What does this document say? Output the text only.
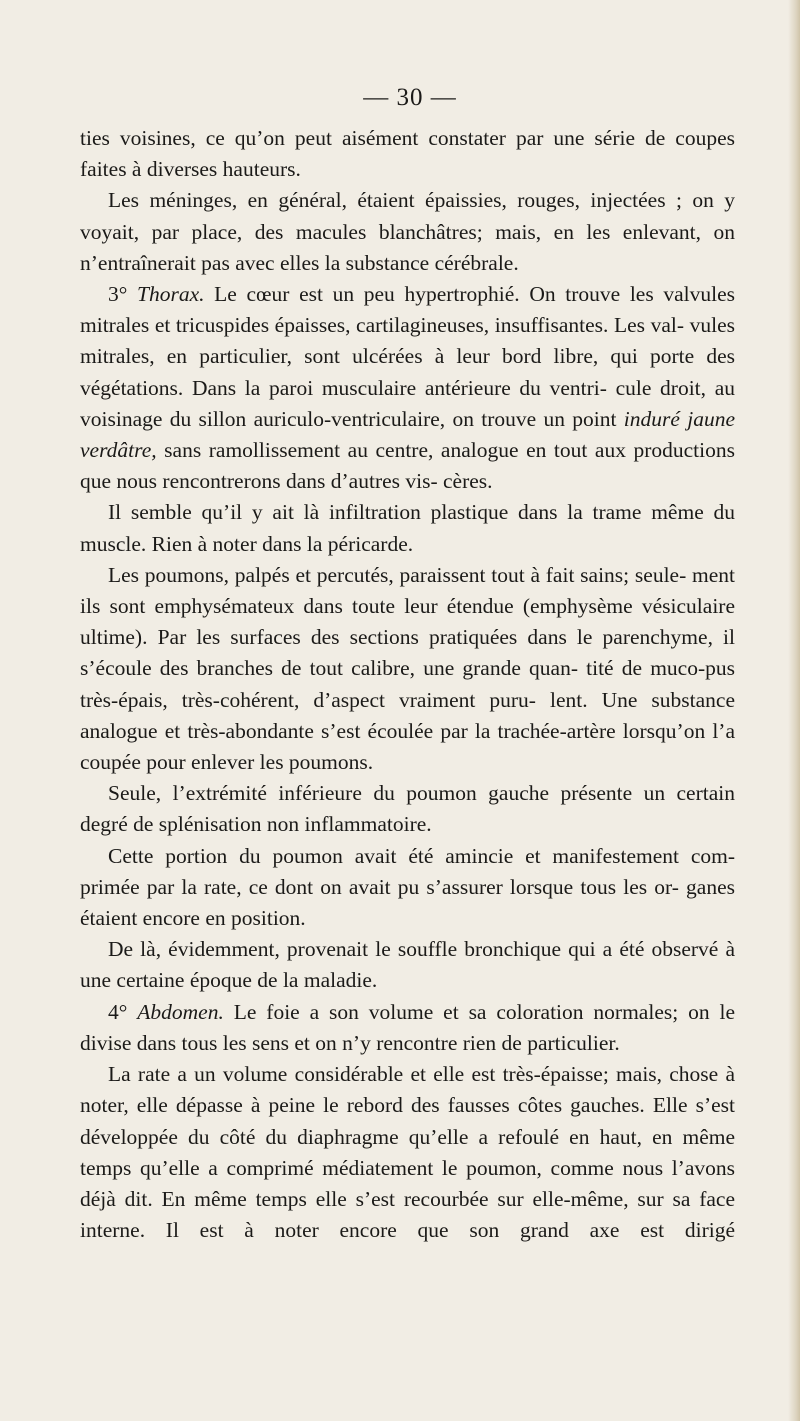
— 30 —

ties voisines, ce qu’on peut aisément constater par une série de coupes faites à diverses hauteurs.

Les méninges, en général, étaient épaissies, rouges, injectées ; on y voyait, par place, des macules blanchâtres; mais, en les enlevant, on n’entraînerait pas avec elles la substance cérébrale.

3° Thorax. Le cœur est un peu hypertrophié. On trouve les valvules mitrales et tricuspides épaisses, cartilagineuses, insuffisantes. Les val- vules mitrales, en particulier, sont ulcérées à leur bord libre, qui porte des végétations. Dans la paroi musculaire antérieure du ventri- cule droit, au voisinage du sillon auriculo-ventriculaire, on trouve un point induré jaune verdâtre, sans ramollissement au centre, analogue en tout aux productions que nous rencontrerons dans d’autres vis- cères.

Il semble qu’il y ait là infiltration plastique dans la trame même du muscle. Rien à noter dans la péricarde.

Les poumons, palpés et percutés, paraissent tout à fait sains; seule- ment ils sont emphysémateux dans toute leur étendue (emphysème vésiculaire ultime). Par les surfaces des sections pratiquées dans le parenchyme, il s’écoule des branches de tout calibre, une grande quan- tité de muco-pus très-épais, très-cohérent, d’aspect vraiment puru- lent. Une substance analogue et très-abondante s’est écoulée par la trachée-artère lorsqu’on l’a coupée pour enlever les poumons.

Seule, l’extrémité inférieure du poumon gauche présente un certain degré de splénisation non inflammatoire.

Cette portion du poumon avait été amincie et manifestement com- primée par la rate, ce dont on avait pu s’assurer lorsque tous les or- ganes étaient encore en position.

De là, évidemment, provenait le souffle bronchique qui a été observé à une certaine époque de la maladie.

4° Abdomen. Le foie a son volume et sa coloration normales; on le divise dans tous les sens et on n’y rencontre rien de particulier.

La rate a un volume considérable et elle est très-épaisse; mais, chose à noter, elle dépasse à peine le rebord des fausses côtes gauches. Elle s’est développée du côté du diaphragme qu’elle a refoulé en haut, en même temps qu’elle a comprimé médiatement le poumon, comme nous l’avons déjà dit. En même temps elle s’est recourbée sur elle-même, sur sa face interne. Il est à noter encore que son grand axe est dirigé
